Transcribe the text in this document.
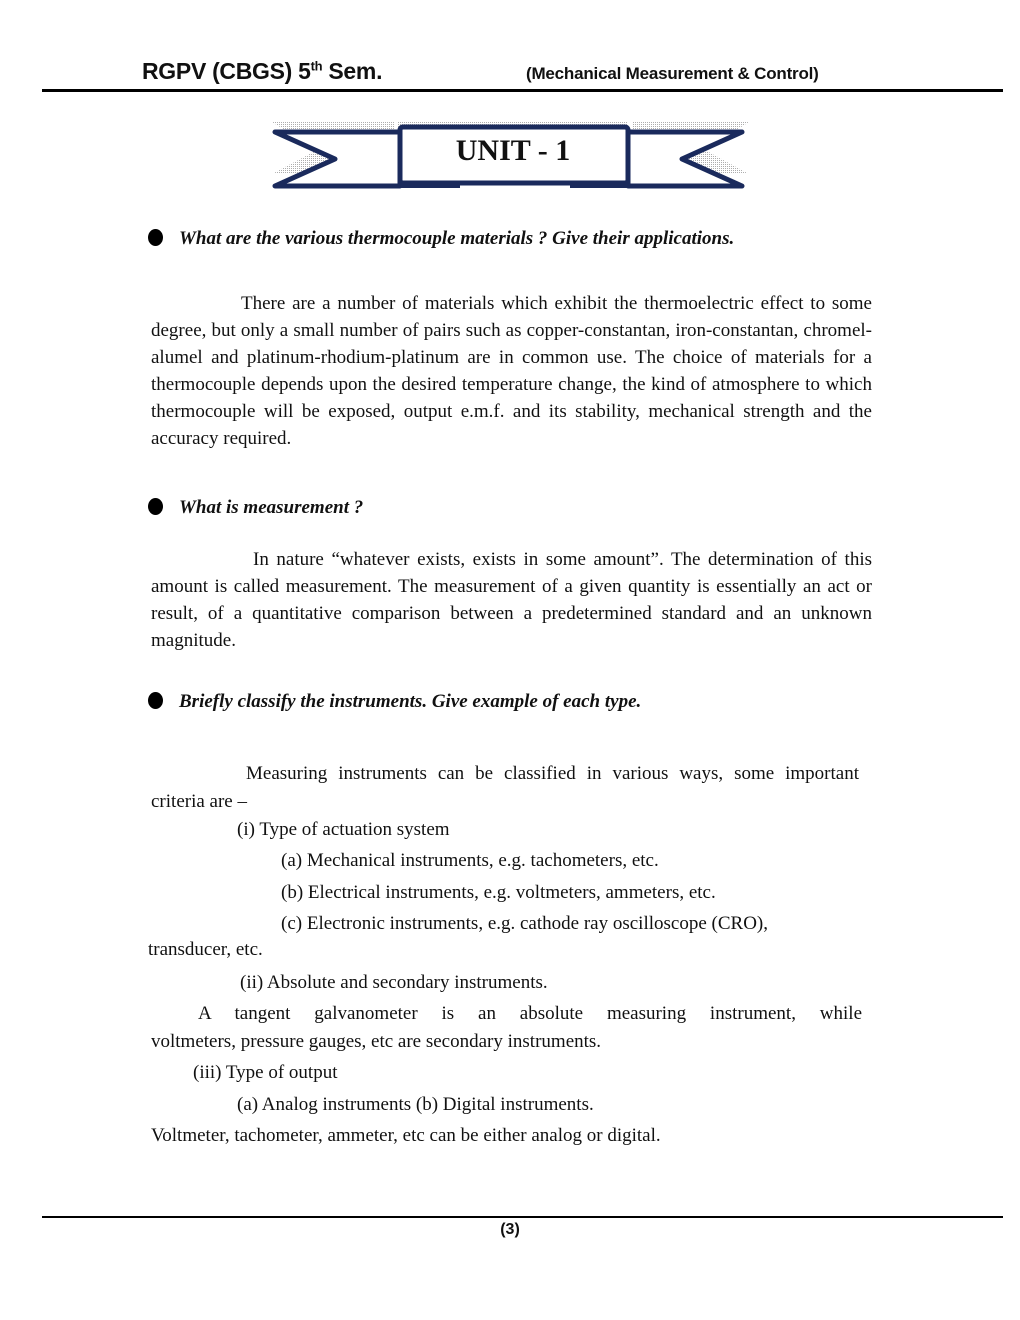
RGPV (CBGS) 5th Sem.	(Mechanical Measurement & Control)
UNIT - 1
What are the various thermocouple materials ? Give their applications.
There are a number of materials which exhibit the thermoelectric effect to some degree, but only a small number of pairs such as copper-constantan, iron-constantan, chromel-alumel and platinum-rhodium-platinum are in common use. The choice of materials for a thermocouple depends upon the desired temperature change, the kind of atmosphere to which thermocouple will be exposed, output e.m.f. and its stability, mechanical strength and the accuracy required.
What is measurement ?
In nature “whatever exists, exists in some amount”. The determination of this amount is called measurement. The measurement of a given quantity is essentially an act or result, of a quantitative comparison between a predetermined standard and an unknown magnitude.
Briefly classify the instruments. Give example of each type.
Measuring instruments can be classified in various ways, some important criteria are –
(i) Type of actuation system
(a) Mechanical instruments, e.g. tachometers, etc.
(b) Electrical instruments, e.g. voltmeters, ammeters, etc.
(c) Electronic instruments, e.g. cathode ray oscilloscope (CRO),
transducer, etc.
(ii) Absolute and secondary instruments.
A tangent galvanometer is an absolute measuring instrument, while
voltmeters, pressure gauges, etc are secondary instruments.
(iii) Type of output
(a) Analog instruments (b) Digital instruments.
Voltmeter, tachometer, ammeter, etc can be either analog or digital.
(3)
